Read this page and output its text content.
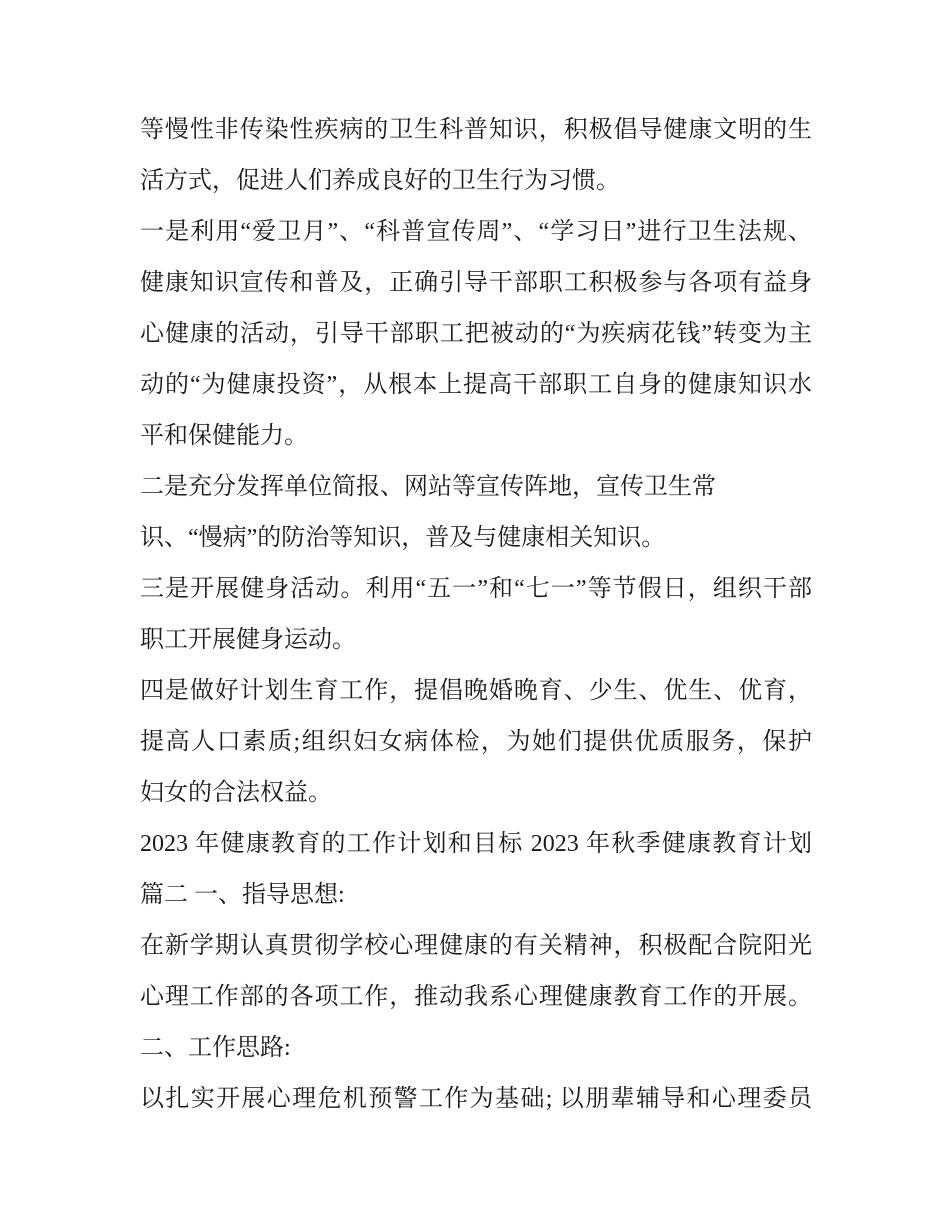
等慢性非传染性疾病的卫生科普知识，积极倡导健康文明的生
活方式，促进人们养成良好的卫生行为习惯。
一是利用“爱卫月”、“科普宣传周”、“学习日”进行卫生法规、
健康知识宣传和普及，正确引导干部职工积极参与各项有益身
心健康的活动，引导干部职工把被动的“为疾病花钱”转变为主
动的“为健康投资”，从根本上提高干部职工自身的健康知识水
平和保健能力。
二是充分发挥单位简报、网站等宣传阵地，宣传卫生常
识、“慢病”的防治等知识，普及与健康相关知识。
三是开展健身活动。利用“五一”和“七一”等节假日，组织干部
职工开展健身运动。
四是做好计划生育工作，提倡晚婚晚育、少生、优生、优育，
提高人口素质;组织妇女病体检，为她们提供优质服务，保护
妇女的合法权益。
2023 年健康教育的工作计划和目标 2023 年秋季健康教育计划
篇二 一、指导思想:
在新学期认真贯彻学校心理健康的有关精神，积极配合院阳光
心理工作部的各项工作，推动我系心理健康教育工作的开展。
二、工作思路:
以扎实开展心理危机预警工作为基础; 以朋辈辅导和心理委员
